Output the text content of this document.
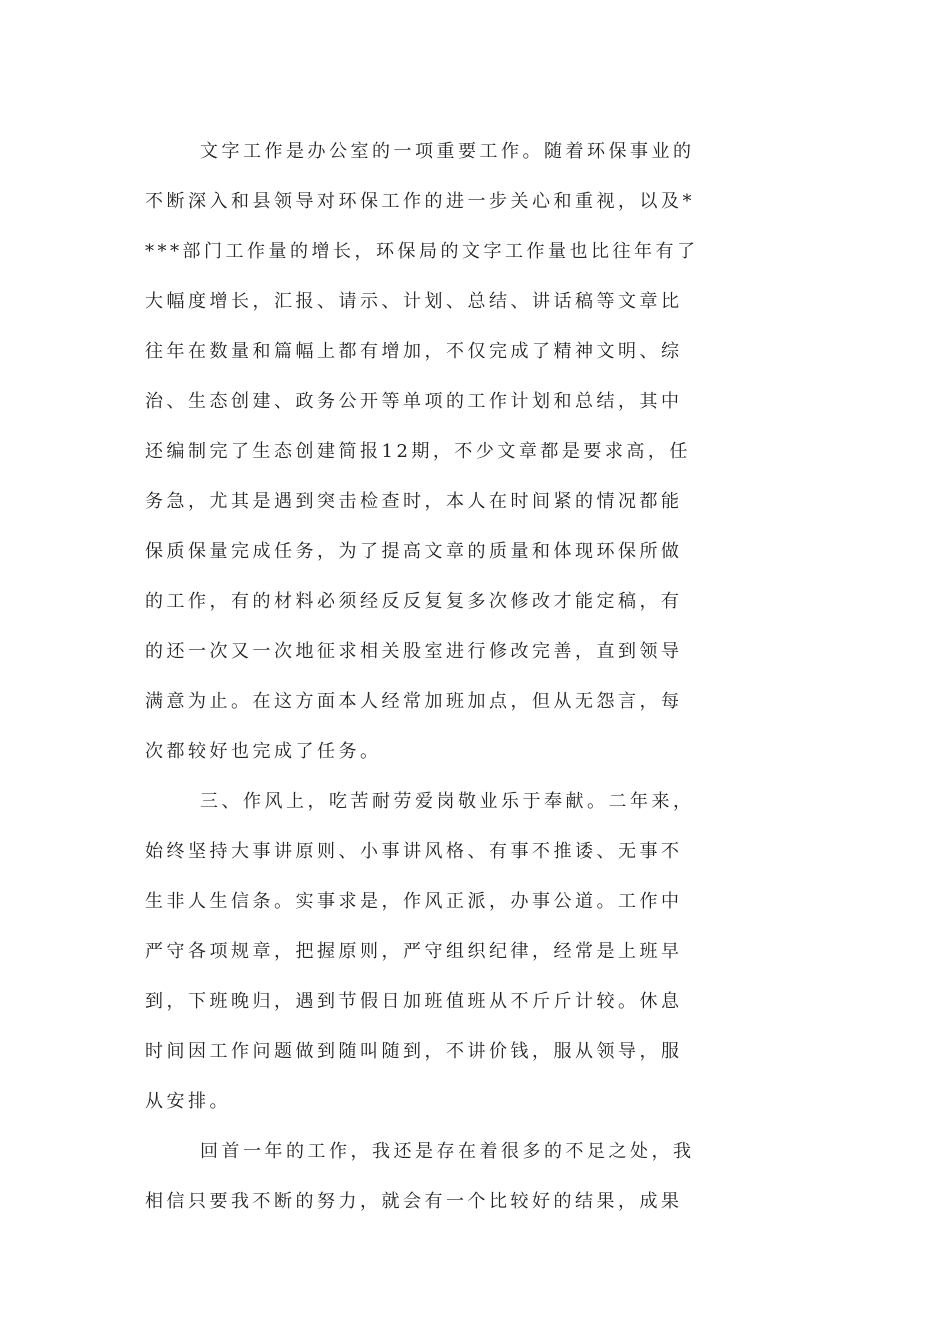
文字工作是办公室的一项重要工作。随着环保事业的
不断深入和县领导对环保工作的进一步关心和重视，以及*
***部门工作量的增长，环保局的文字工作量也比往年有了
大幅度增长，汇报、请示、计划、总结、讲话稿等文章比
往年在数量和篇幅上都有增加，不仅完成了精神文明、综
治、生态创建、政务公开等单项的工作计划和总结，其中
还编制完了生态创建简报12期，不少文章都是要求高，任
务急，尤其是遇到突击检查时，本人在时间紧的情况都能
保质保量完成任务，为了提高文章的质量和体现环保所做
的工作，有的材料必须经反反复复多次修改才能定稿，有
的还一次又一次地征求相关股室进行修改完善，直到领导
满意为止。在这方面本人经常加班加点，但从无怨言，每
次都较好也完成了任务。
三、作风上，吃苦耐劳爱岗敬业乐于奉献。二年来，
始终坚持大事讲原则、小事讲风格、有事不推诿、无事不
生非人生信条。实事求是，作风正派，办事公道。工作中
严守各项规章，把握原则，严守组织纪律，经常是上班早
到，下班晚归，遇到节假日加班值班从不斤斤计较。休息
时间因工作问题做到随叫随到，不讲价钱，服从领导，服
从安排。
回首一年的工作，我还是存在着很多的不足之处，我
相信只要我不断的努力，就会有一个比较好的结果，成果
